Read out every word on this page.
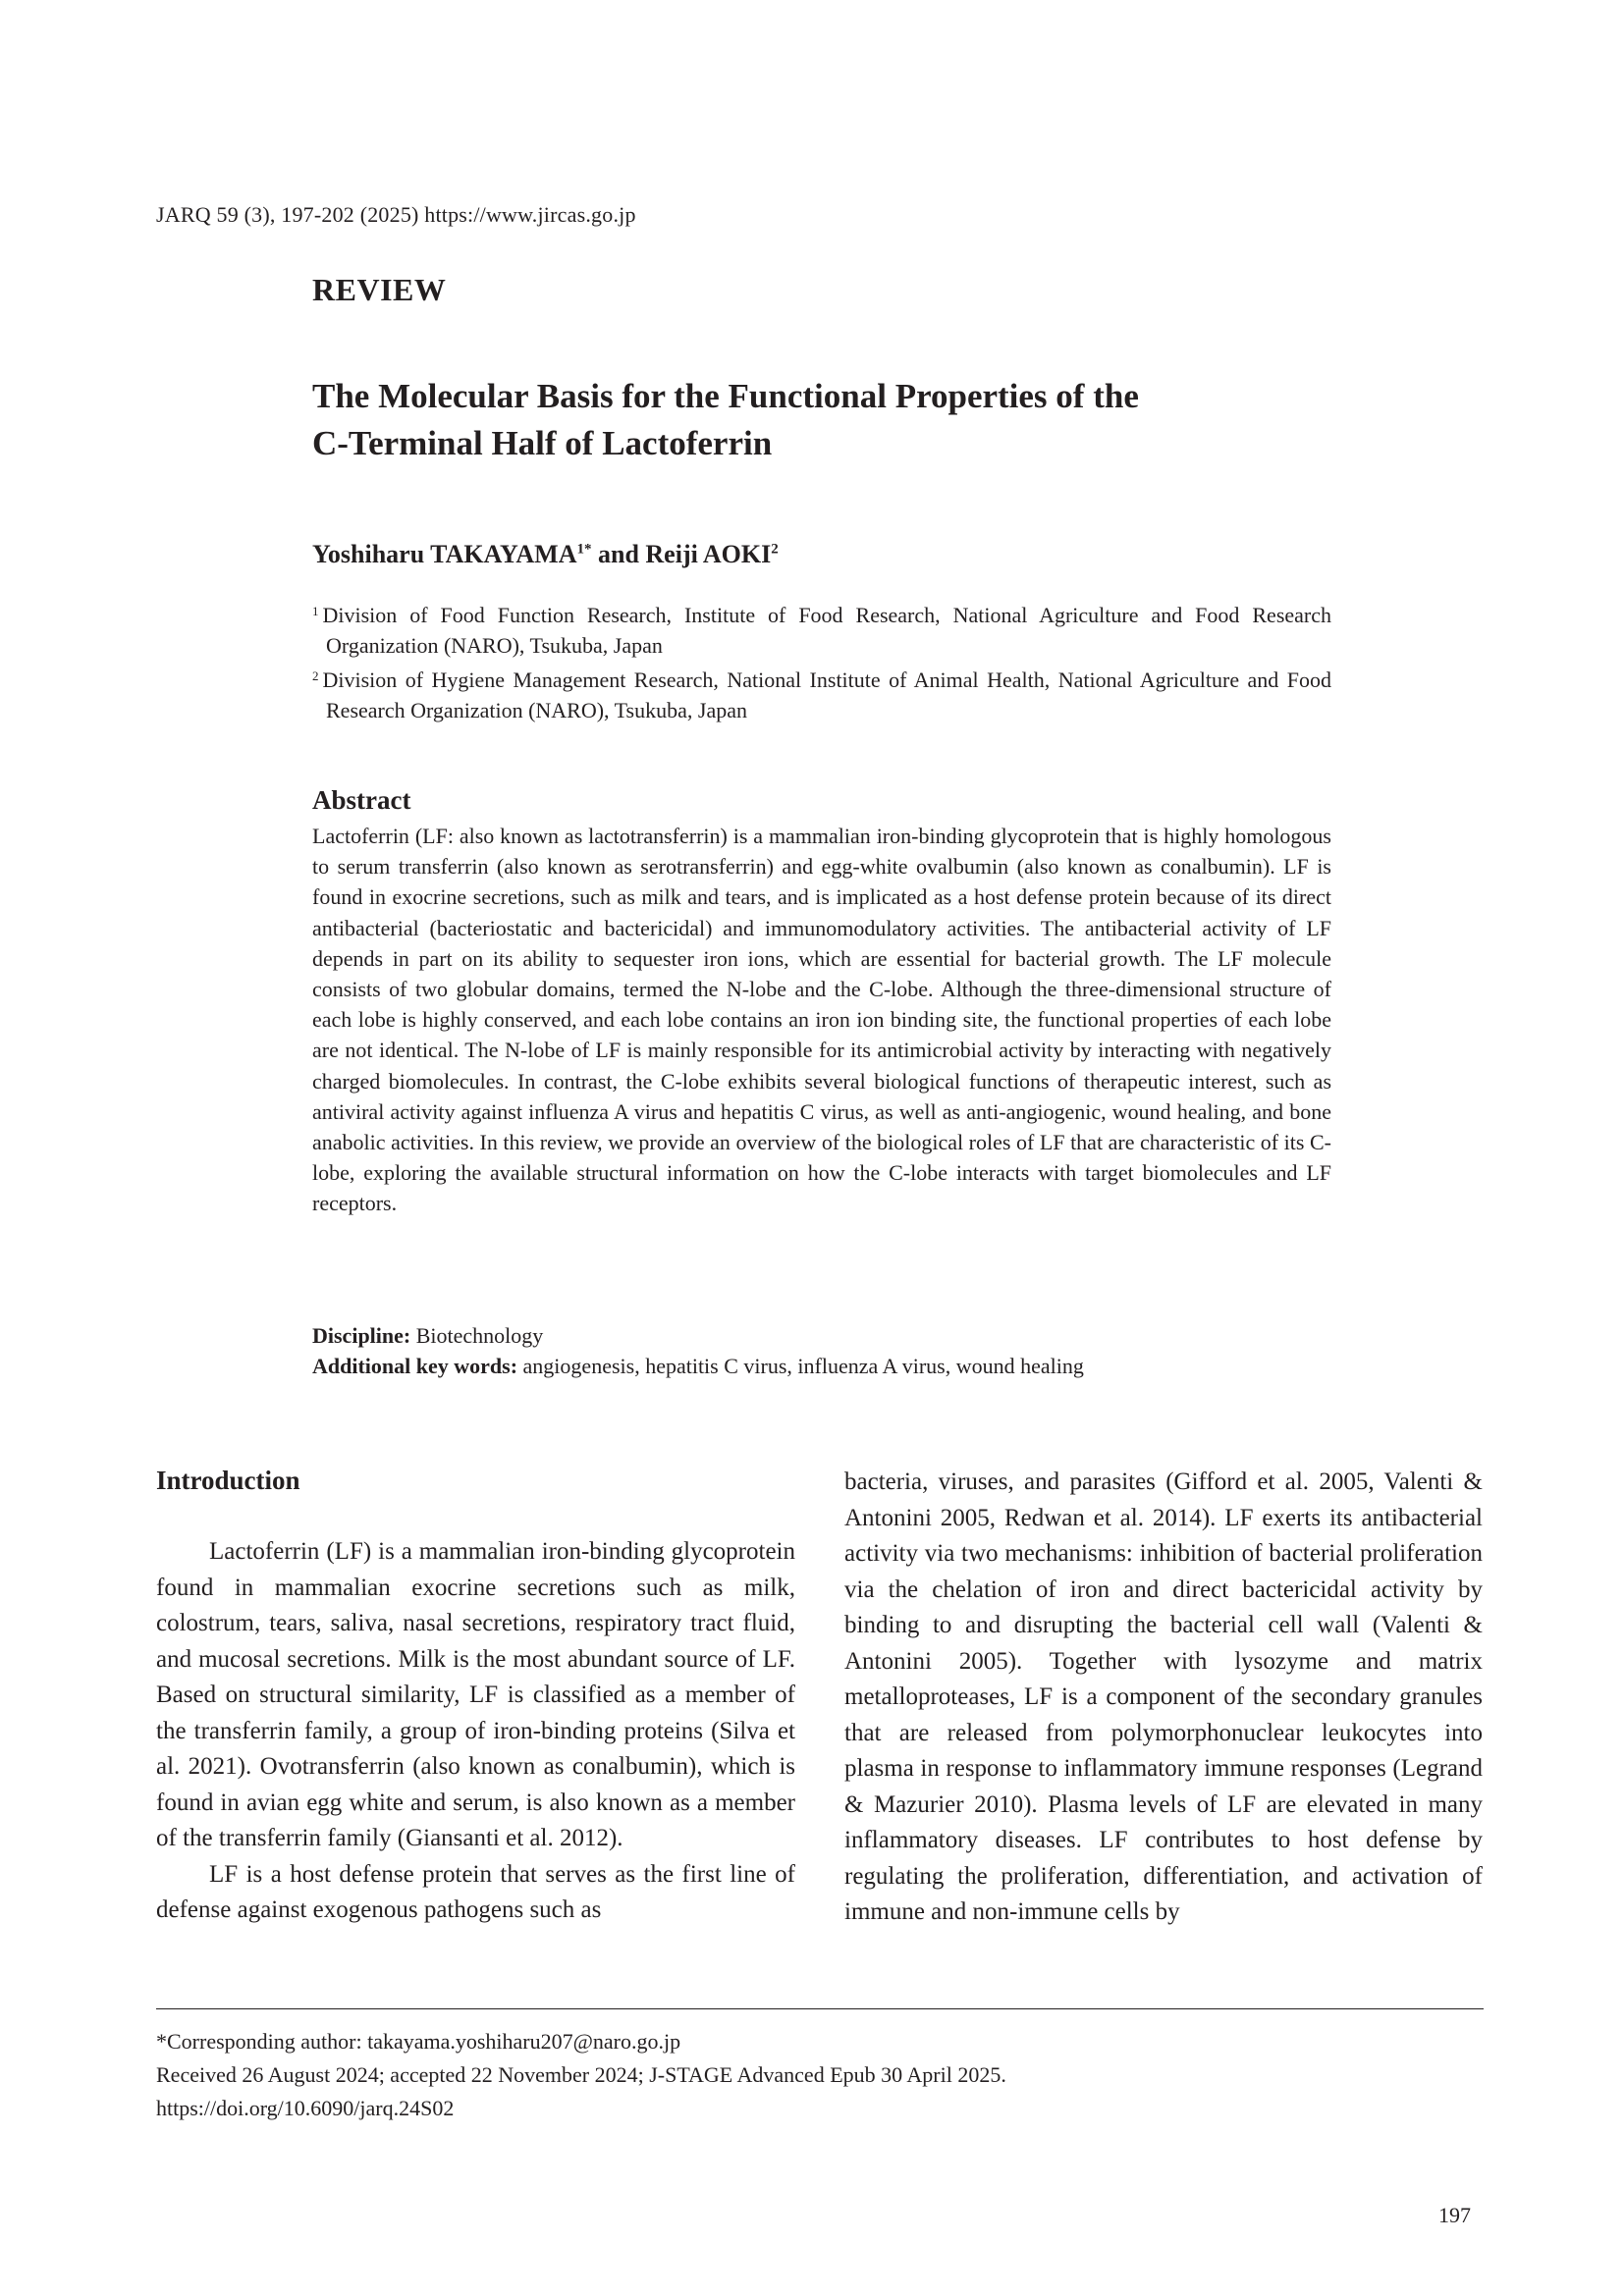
JARQ 59 (3), 197-202 (2025) https://www.jircas.go.jp
REVIEW
The Molecular Basis for the Functional Properties of the
C-Terminal Half of Lactoferrin
Yoshiharu $TAKAYAMA^{1*}$ and Reiji AOKI$^2$
$^1$ Division of Food Function Research, Institute of Food Research, National Agriculture and Food Research Organization (NARO), Tsukuba, Japan
$^2$ Division of Hygiene Management Research, National Institute of Animal Health, National Agriculture and Food Research Organization (NARO), Tsukuba, Japan
Abstract
Lactoferrin (LF: also known as lactotransferrin) is a mammalian iron-binding glycoprotein that is highly homologous to serum transferrin (also known as serotransferrin) and egg-white ovalbumin (also known as conalbumin). LF is found in exocrine secretions, such as milk and tears, and is implicated as a host defense protein because of its direct antibacterial (bacteriostatic and bactericidal) and immunomodulatory activities. The antibacterial activity of LF depends in part on its ability to sequester iron ions, which are essential for bacterial growth. The LF molecule consists of two globular domains, termed the N-lobe and the C-lobe. Although the three-dimensional structure of each lobe is highly conserved, and each lobe contains an iron ion binding site, the functional properties of each lobe are not identical. The N-lobe of LF is mainly responsible for its antimicrobial activity by interacting with negatively charged biomolecules. In contrast, the C-lobe exhibits several biological functions of therapeutic interest, such as antiviral activity against influenza A virus and hepatitis C virus, as well as anti-angiogenic, wound healing, and bone anabolic activities. In this review, we provide an overview of the biological roles of LF that are characteristic of its C-lobe, exploring the available structural information on how the C-lobe interacts with target biomolecules and LF receptors.
Discipline: Biotechnology
Additional key words: angiogenesis, hepatitis C virus, influenza A virus, wound healing
Introduction

Lactoferrin (LF) is a mammalian iron-binding glycoprotein found in mammalian exocrine secretions such as milk, colostrum, tears, saliva, nasal secretions, respiratory tract fluid, and mucosal secretions. Milk is the most abundant source of LF. Based on structural similarity, LF is classified as a member of the transferrin family, a group of iron-binding proteins (Silva et al. 2021). Ovotransferrin (also known as conalbumin), which is found in avian egg white and serum, is also known as a member of the transferrin family (Giansanti et al. 2012).

LF is a host defense protein that serves as the first line of defense against exogenous pathogens such as

bacteria, viruses, and parasites (Gifford et al. 2005, Valenti & Antonini 2005, Redwan et al. 2014). LF exerts its antibacterial activity via two mechanisms: inhibition of bacterial proliferation via the chelation of iron and direct bactericidal activity by binding to and disrupting the bacterial cell wall (Valenti & Antonini 2005). Together with lysozyme and matrix metalloproteases, LF is a component of the secondary granules that are released from polymorphonuclear leukocytes into plasma in response to inflammatory immune responses (Legrand & Mazurier 2010). Plasma levels of LF are elevated in many inflammatory diseases. LF contributes to host defense by regulating the proliferation, differentiation, and activation of immune and non-immune cells by

*Corresponding author: takayama.yoshiharu207@naro.go.jp
Received 26 August 2024; accepted 22 November 2024; J-STAGE Advanced Epub 30 April 2025.
https://doi.org/10.6090/jarq.24S02
197
